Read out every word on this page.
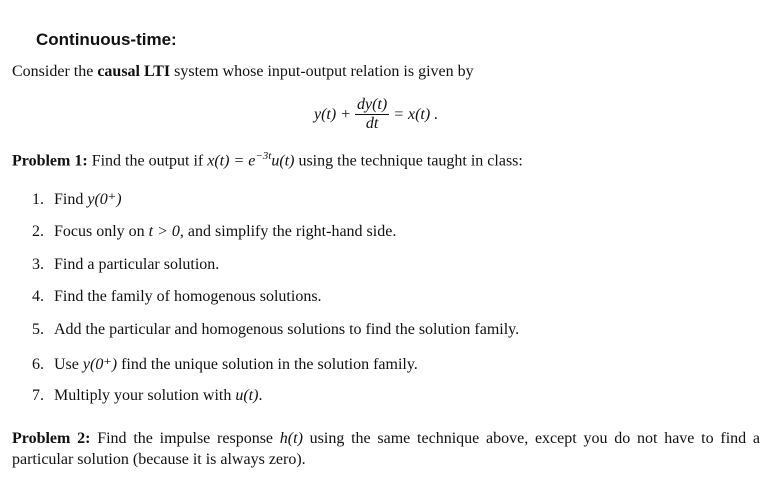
Continuous-time:
Consider the causal LTI system whose input-output relation is given by
$y(t) + \frac{dy(t)}{dt} = x(t)$ .
Problem 1: Find the output if $x(t) = e^{-3t}u(t)$ using the technique taught in class:
1. Find y(0⁺)
2. Focus only on t > 0, and simplify the right-hand side.
3. Find a particular solution.
4. Find the family of homogenous solutions.
5. Add the particular and homogenous solutions to find the solution family.
6. Use y(0⁺) find the unique solution in the solution family.
7. Multiply your solution with u(t).
Problem 2: Find the impulse response h(t) using the same technique above, except you do not have to find a particular solution (because it is always zero).
